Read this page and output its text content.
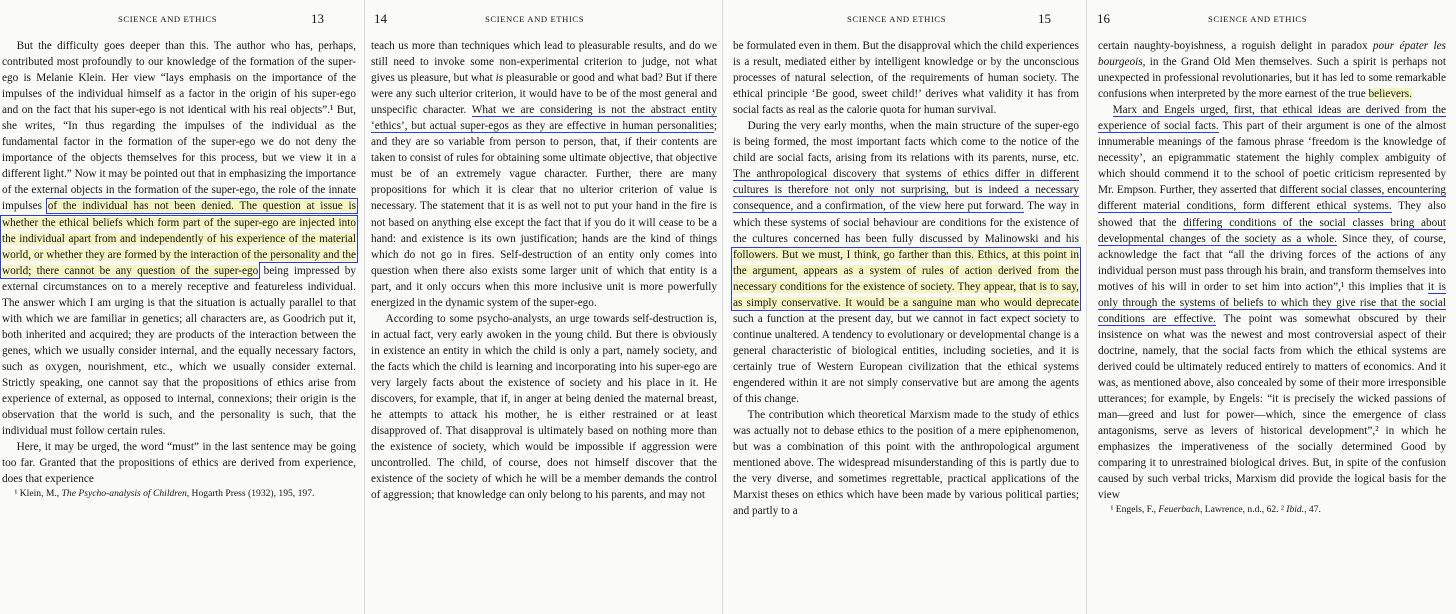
SCIENCE AND ETHICS	13

But the difficulty goes deeper than this. The author who has, perhaps, contributed most profoundly to our knowledge of the formation of the super-ego is Melanie Klein. Her view “lays emphasis on the importance of the impulses of the individual himself as a factor in the origin of his super-ego and on the fact that his super-ego is not identical with his real objects”.¹ But, she writes, “In thus regarding the impulses of the individual as the fundamental factor in the formation of the super-ego we do not deny the importance of the objects themselves for this process, but we view it in a different light.” Now it may be pointed out that in emphasizing the importance of the external objects in the formation of the super-ego, the role of the innate impulses of the individual has not been denied. The question at issue is whether the ethical beliefs which form part of the super-ego are injected into the individual apart from and independently of his experience of the material world, or whether they are formed by the interaction of the personality and the world; there cannot be any question of the super-ego being impressed by external circumstances on to a merely receptive and featureless individual. The answer which I am urging is that the situation is actually parallel to that with which we are familiar in genetics; all characters are, as Goodrich put it, both inherited and acquired; they are products of the interaction between the genes, which we usually consider internal, and the equally necessary factors, such as oxygen, nourishment, etc., which we usually consider external. Strictly speaking, one cannot say that the propositions of ethics arise from experience of external, as opposed to internal, connexions; their origin is the observation that the world is such, and the personality is such, that the individual must follow certain rules.

Here, it may be urged, the word “must” in the last sentence may be going too far. Granted that the propositions of ethics are derived from experience, does that experience

¹ Klein, M., The Psycho-analysis of Children, Hogarth Press (1932), 195, 197.

14	SCIENCE AND ETHICS

teach us more than techniques which lead to pleasurable results, and do we still need to invoke some non-experimental criterion to judge, not what gives us pleasure, but what is pleasurable or good and what bad? But if there were any such ulterior criterion, it would have to be of the most general and unspecific character. What we are considering is not the abstract entity ‘ethics’, but actual super-egos as they are effective in human personalities; and they are so variable from person to person, that, if their contents are taken to consist of rules for obtaining some ultimate objective, that objective must be of an extremely vague character. Further, there are many propositions for which it is clear that no ulterior criterion of value is necessary. The statement that it is as well not to put your hand in the fire is not based on anything else except the fact that if you do it will cease to be a hand: and existence is its own justification; hands are the kind of things which do not go in fires. Self-destruction of an entity only comes into question when there also exists some larger unit of which that entity is a part, and it only occurs when this more inclusive unit is more powerfully energized in the dynamic system of the super-ego.

According to some psycho-analysts, an urge towards self-destruction is, in actual fact, very early awoken in the young child. But there is obviously in existence an entity in which the child is only a part, namely society, and the facts which the child is learning and incorporating into his super-ego are very largely facts about the existence of society and his place in it. He discovers, for example, that if, in anger at being denied the maternal breast, he attempts to attack his mother, he is either restrained or at least disapproved of. That disapproval is ultimately based on nothing more than the existence of society, which would be impossible if aggression were uncontrolled. The child, of course, does not himself discover that the existence of the society of which he will be a member demands the control of aggression; that knowledge can only belong to his parents, and may not

SCIENCE AND ETHICS	15

be formulated even in them. But the disapproval which the child experiences is a result, mediated either by intelligent knowledge or by the unconscious processes of natural selection, of the requirements of human society. The ethical principle ‘Be good, sweet child!’ derives what validity it has from social facts as real as the calorie quota for human survival.

During the very early months, when the main structure of the super-ego is being formed, the most important facts which come to the notice of the child are social facts, arising from its relations with its parents, nurse, etc. The anthropological discovery that systems of ethics differ in different cultures is therefore not only not surprising, but is indeed a necessary consequence, and a confirmation, of the view here put forward. The way in which these systems of social behaviour are conditions for the existence of the cultures concerned has been fully discussed by Malinowski and his followers. But we must, I think, go farther than this. Ethics, at this point in the argument, appears as a system of rules of action derived from the necessary conditions for the existence of society. They appear, that is to say, as simply conservative. It would be a sanguine man who would deprecate such a function at the present day, but we cannot in fact expect society to continue unaltered. A tendency to evolutionary or developmental change is a general characteristic of biological entities, including societies, and it is certainly true of Western European civilization that the ethical systems engendered within it are not simply conservative but are among the agents of this change.

The contribution which theoretical Marxism made to the study of ethics was actually not to debase ethics to the position of a mere epiphenomenon, but was a combination of this point with the anthropological argument mentioned above. The widespread misunderstanding of this is partly due to the very diverse, and sometimes regrettable, practical applications of the Marxist theses on ethics which have been made by various political parties; and partly to a

16	SCIENCE AND ETHICS

certain naughty-boyishness, a roguish delight in paradox pour épater les bourgeois, in the Grand Old Men themselves. Such a spirit is perhaps not unexpected in professional revolutionaries, but it has led to some remarkable confusions when interpreted by the more earnest of the true believers.

Marx and Engels urged, first, that ethical ideas are derived from the experience of social facts. This part of their argument is one of the almost innumerable meanings of the famous phrase ‘freedom is the knowledge of necessity’, an epigrammatic statement the highly complex ambiguity of which should commend it to the school of poetic criticism represented by Mr. Empson. Further, they asserted that different social classes, encountering different material conditions, form different ethical systems. They also showed that the differing conditions of the social classes bring about developmental changes of the society as a whole. Since they, of course, acknowledge the fact that “all the driving forces of the actions of any individual person must pass through his brain, and transform themselves into motives of his will in order to set him into action”,¹ this implies that it is only through the systems of beliefs to which they give rise that the social conditions are effective. The point was somewhat obscured by their insistence on what was the newest and most controversial aspect of their doctrine, namely, that the social facts from which the ethical systems are derived could be ultimately reduced entirely to matters of economics. And it was, as mentioned above, also concealed by some of their more irresponsible utterances; for example, by Engels: “it is precisely the wicked passions of man—greed and lust for power—which, since the emergence of class antagonisms, serve as levers of historical development”,² in which he emphasizes the imperativeness of the socially determined Good by comparing it to unrestrained biological drives. But, in spite of the confusion caused by such verbal tricks, Marxism did provide the logical basis for the view

¹ Engels, F., Feuerbach, Lawrence, n.d., 62. ² Ibid., 47.
